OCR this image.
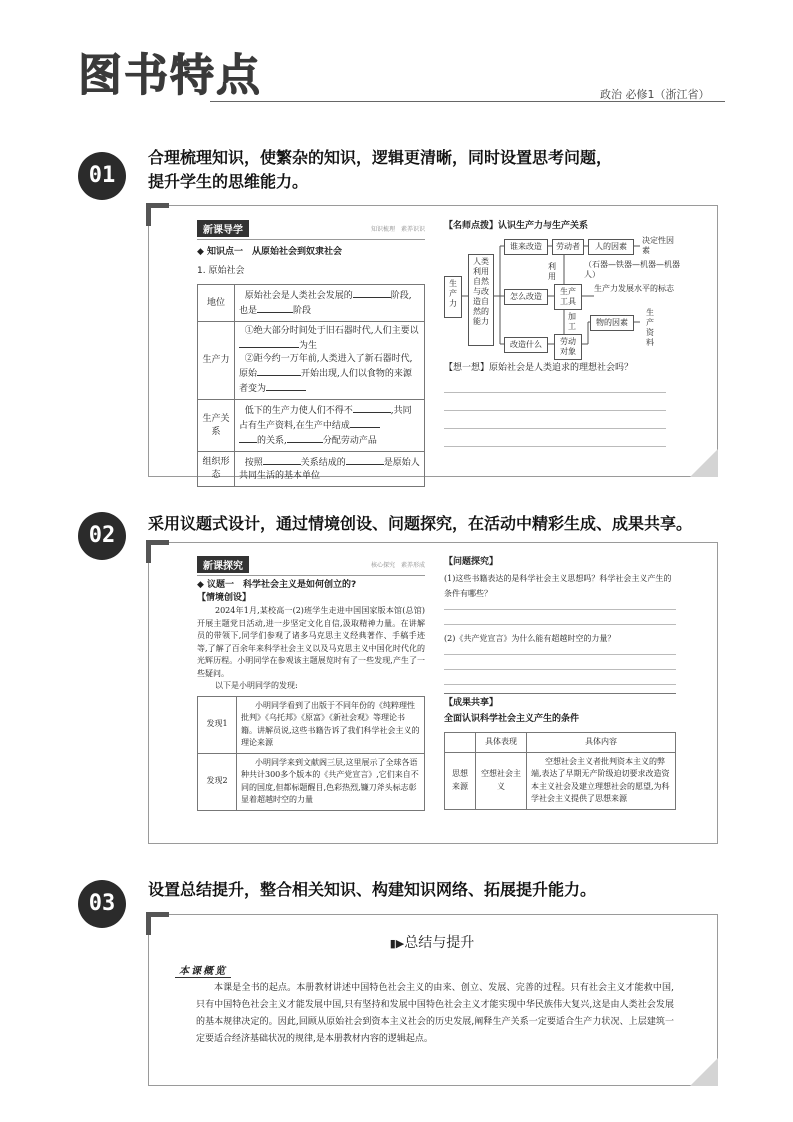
图书特点	政治 必修1（浙江省）
01
合理梳理知识，使繁杂的知识，逻辑更清晰，同时设置思考问题，
提升学生的思维能力。
新课导学	知识梳理　素养识识
◆ 知识点一　从原始社会到奴隶社会
1. 原始社会
地位	原始社会是人类社会发展的 阶段,也是 阶段
生产力	①绝大部分时间处于旧石器时代,人们主要以为生
②距今约一万年前,人类进入了新石器时代,原始 开始出现,人们以食物的来源者变为
生产关系	低下的生产力使人们不得不 ,共同占有生产资料,在生产中结成
的关系, 分配劳动产品
组织形态	按照 关系结成的 是原始人共同生活的基本单位
【名师点拨】认识生产力与生产关系
生产力
人类利用自然与改造自然的能力
谁来改造
怎么改造
改造什么
劳动者
生产工具
劳动对象
人的因素
物的因素
决定性因素
（石器—铁器—机器—机器人）
生产力发展水平的标志
生产资料
利用
加工
【想一想】原始社会是人类追求的理想社会吗？
02	采用议题式设计，通过情境创设、问题探究，在活动中精彩生成、成果共享。
新课探究	核心探究　素养形成
◆ 议题一　科学社会主义是如何创立的?
【情境创设】
2024年1月,某校高一(2)班学生走进中国国家版本馆(总馆)开展主题党日活动,进一步坚定文化自信,汲取精神力量。在讲解员的带领下,同学们参观了诸多马克思主义经典著作、手稿手迹等,了解了百余年来科学社会主义以及马克思主义中国化时代化的光辉历程。小明同学在参观该主题展览时有了一些发现,产生了一些疑问。
以下是小明同学的发现:
发现1	小明同学看到了出版于不同年份的《纯粹理性批判》《乌托邦》《原富》《新社会观》等理论书籍。讲解员说,这些书籍告诉了我们科学社会主义的理论来源
发现2	小明同学来到文献阁三层,这里展示了全球各语种共计300多个版本的《共产党宣言》,它们来自不同的国度,但都标题醒目,色彩热烈,镰刀斧头标志彰显着超越时空的力量
【问题探究】
(1)这些书籍表达的是科学社会主义思想吗？科学社会主义产生的条件有哪些？
(2)《共产党宣言》为什么能有超越时空的力量？
【成果共享】
全面认识科学社会主义产生的条件
	具体表现	具体内容
思想来源	空想社会主义	空想社会主义者批判资本主义的弊端,表达了早期无产阶级迫切要求改造资本主义社会及建立理想社会的愿望,为科学社会主义提供了思想来源
03
设置总结提升，整合相关知识、构建知识网络、拓展提升能力。
▮▶总结与提升
本课概览
本课是全书的起点。本册教材讲述中国特色社会主义的由来、创立、发展、完善的过程。只有社会主义才能救中国,只有中国特色社会主义才能发展中国,只有坚持和发展中国特色社会主义才能实现中华民族伟大复兴,这是由人类社会发展的基本规律决定的。因此,回顾从原始社会到资本主义社会的历史发展,阐释生产关系一定要适合生产力状况、上层建筑一定要适合经济基础状况的规律,是本册教材内容的逻辑起点。
